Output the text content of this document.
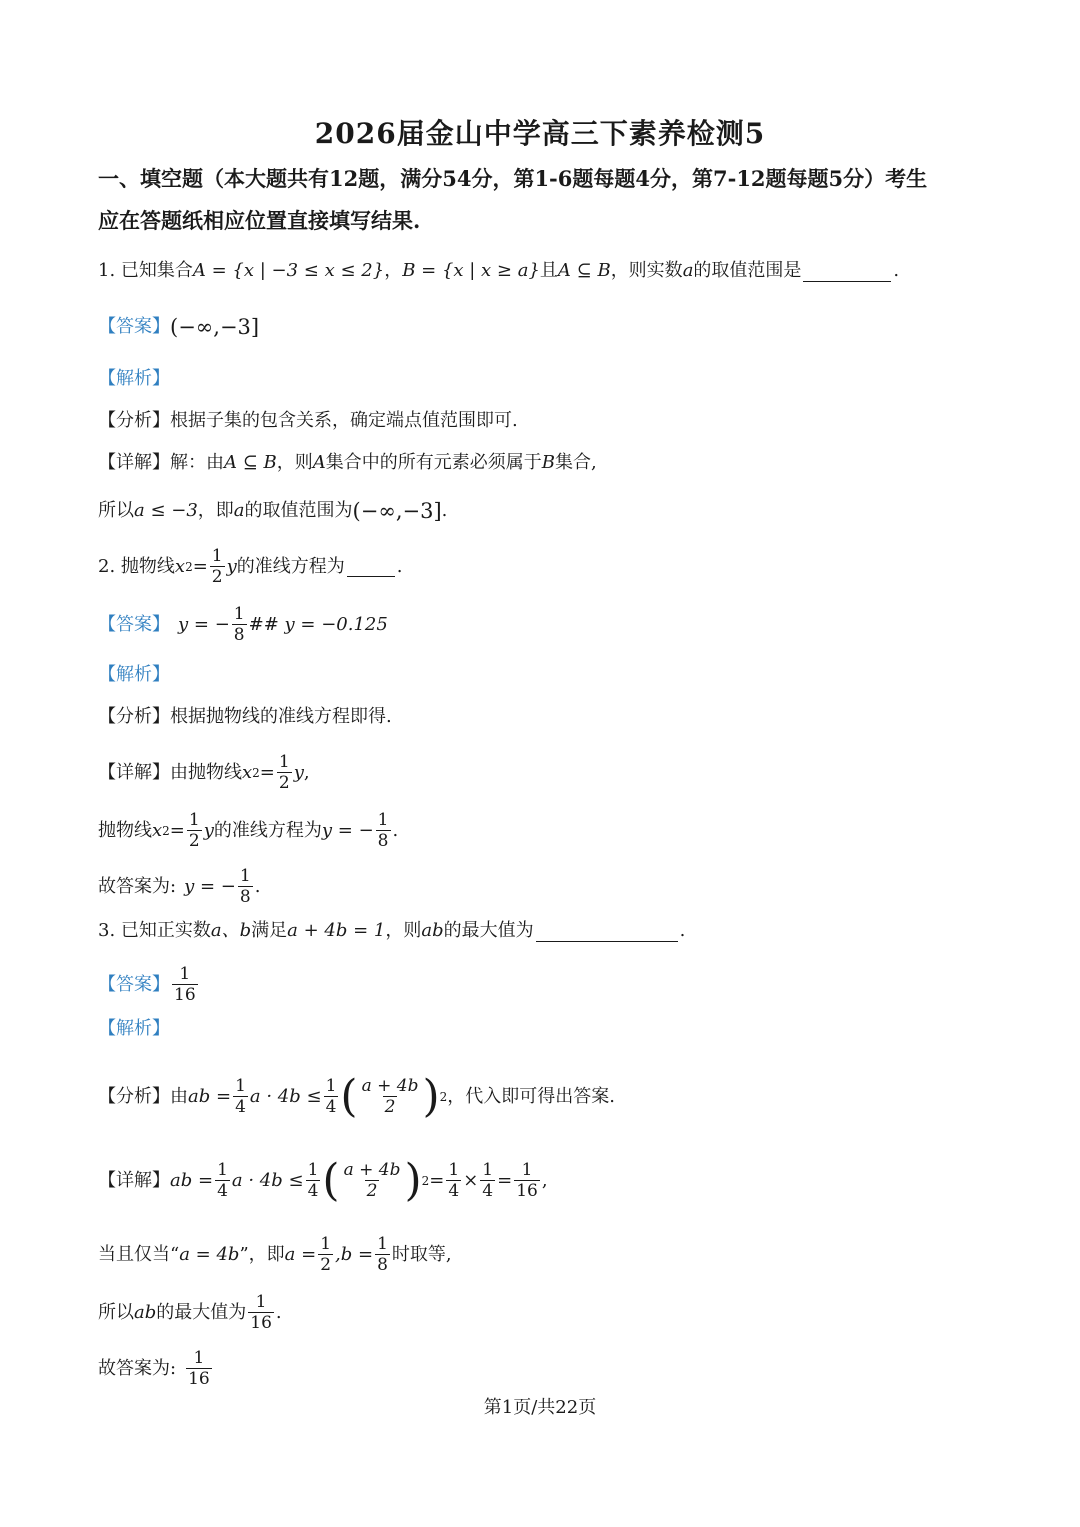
2026届金山中学高三下素养检测5
一、填空题（本大题共有12题，满分54分，第1-6题每题4分，第7-12题每题5分）考生
应在答题纸相应位置直接填写结果.
1. 已知集合 A = {x | −3 ≤ x ≤ 2} ， B = {x | x ≥ a} 且 A ⊆ B ，则实数 a 的取值范围是	.
【答案】 (−∞,−3]
【解析】
【分析】 根据子集的包含关系，确定端点值范围即可.
【详解】 解：由 A ⊆ B ，则 A 集合中的所有元素必须属于 B 集合,
所以 a ≤ −3 ，即 a 的取值范围为 (−∞,−3] .
2. 抛物线 x $2 = \frac{1}{2}$ y 的准线方程为	.
【答案】 y = − $\frac{1}{8}$ ## y = −0.125
【解析】
【分析】 根据抛物线的准线方程即得.
【详解】 由抛物线 x $2 = \frac{1}{2}$ y ,
抛物线 x $2 = \frac{1}{2}$ y 的准线方程为 y = − $\frac{1}{8}$ .
故答案为: y = − $\frac{1}{8}$ .
3. 已知正实数 a、b 满足 a + 4b = 1 ，则 ab 的最大值为	.
【答案】 $\frac{1}{16}$
【解析】
【分析】 由 ab = $\frac{1}{4}$ $a \cdot 4b \le \frac{1}{4}$ ( $\frac{a + 4b}{2}$ ) 2 ，代入即可得出答案.
【详解】 ab = $\frac{1}{4}$ $a \cdot 4b \le \frac{1}{4}$ ( $\frac{a + 4b}{2}$ ) $2 = \frac{1}{4} \times \frac{1}{4} = \frac{1}{16}$ ,
当且仅当“ a = 4b ”，即 $a = \frac{1}{2} ,b = \frac{1}{8}$ 时取等,
所以 ab 的最大值为 $\frac{1}{16}$ .
故答案为: $\frac{1}{16}$
第1页/共22页
